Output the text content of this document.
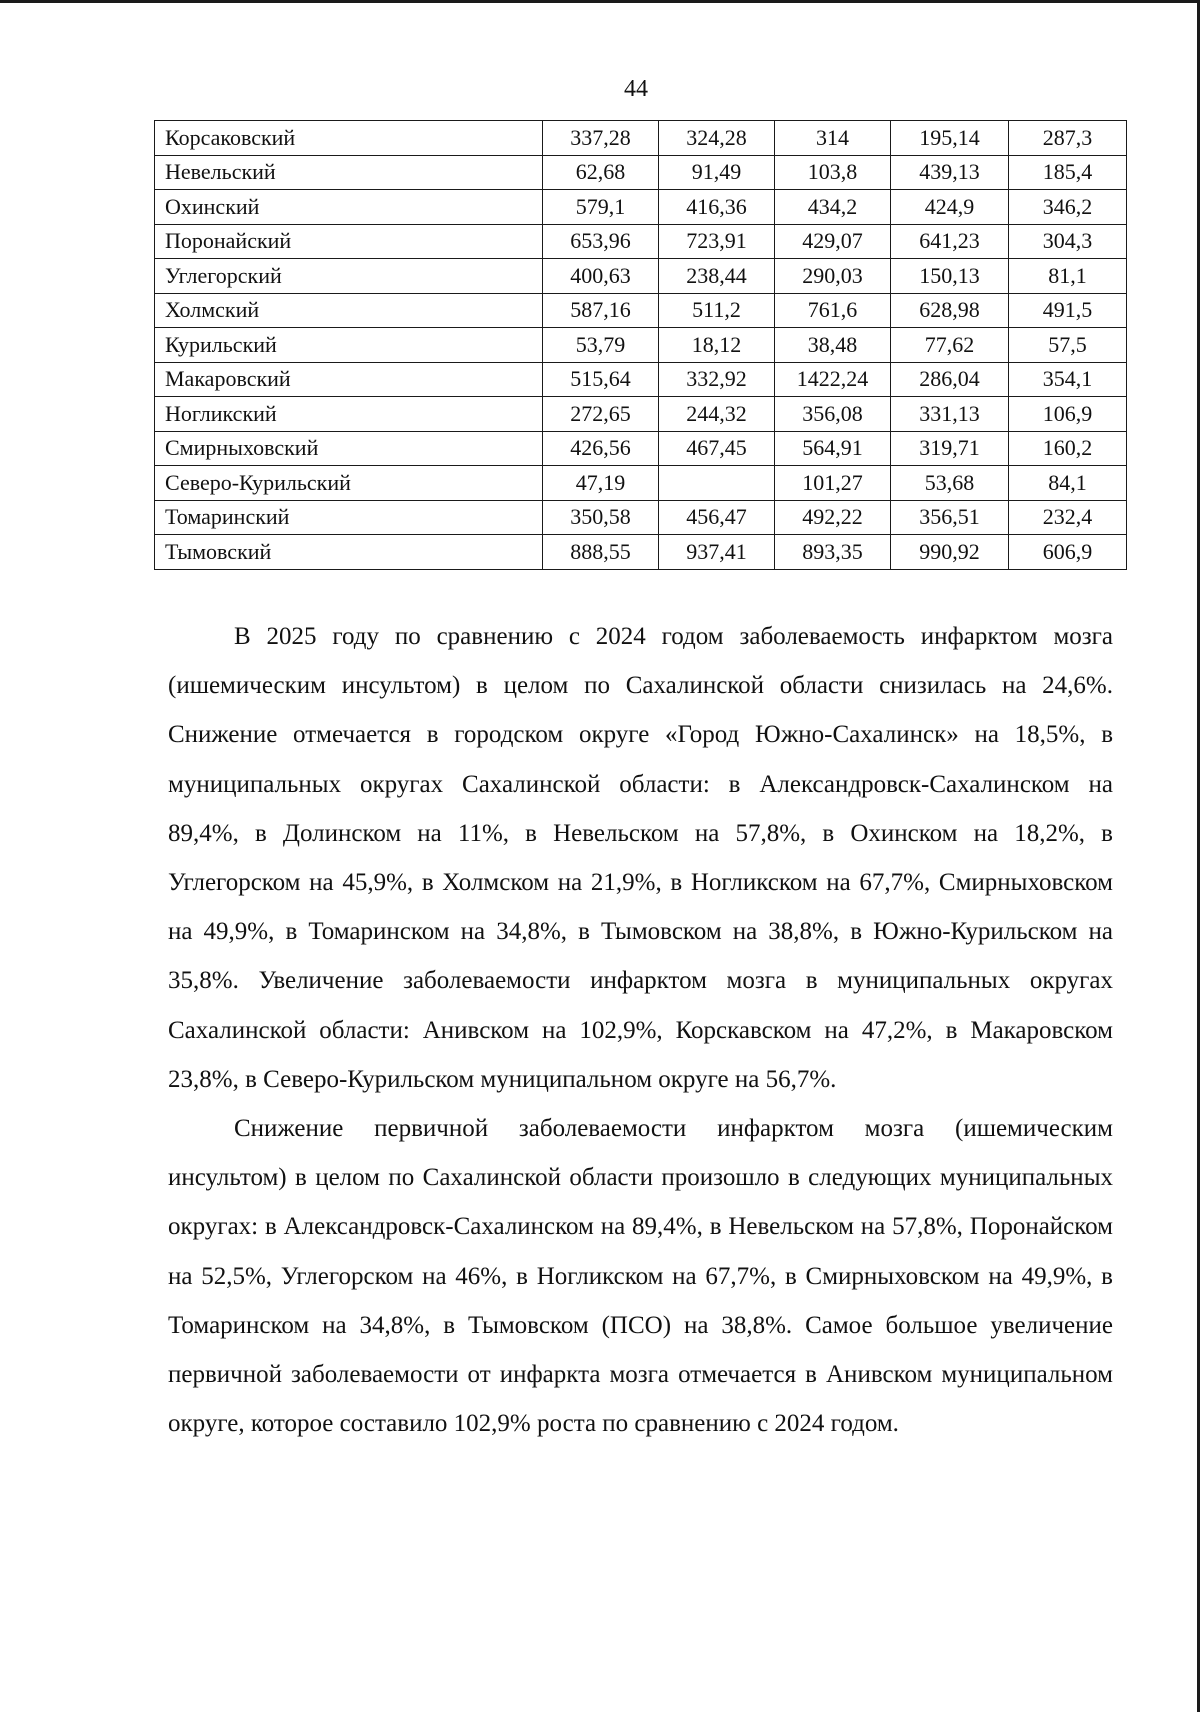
44
Корсаковский	337,28	324,28	314	195,14	287,3
Невельский	62,68	91,49	103,8	439,13	185,4
Охинский	579,1	416,36	434,2	424,9	346,2
Поронайский	653,96	723,91	429,07	641,23	304,3
Углегорский	400,63	238,44	290,03	150,13	81,1
Холмский	587,16	511,2	761,6	628,98	491,5
Курильский	53,79	18,12	38,48	77,62	57,5
Макаровский	515,64	332,92	1422,24	286,04	354,1
Ногликский	272,65	244,32	356,08	331,13	106,9
Смирныховский	426,56	467,45	564,91	319,71	160,2
Северо-Курильский	47,19		101,27	53,68	84,1
Томаринский	350,58	456,47	492,22	356,51	232,4
Тымовский	888,55	937,41	893,35	990,92	606,9

В 2025 году по сравнению с 2024 годом заболеваемость инфарктом мозга (ишемическим инсультом) в целом по Сахалинской области снизилась на 24,6%. Снижение отмечается в городском округе «Город Южно-Сахалинск» на 18,5%, в муниципальных округах Сахалинской области: в Александровск-Сахалинском на 89,4%, в Долинском на 11%, в Невельском на 57,8%, в Охинском на 18,2%, в Углегорском на 45,9%, в Холмском на 21,9%, в Ногликском на 67,7%, Смирныховском на 49,9%, в Томаринском на 34,8%, в Тымовском на 38,8%, в Южно-Курильском на 35,8%. Увеличение заболеваемости инфарктом мозга в муниципальных округах Сахалинской области: Анивском на 102,9%, Корскавском на 47,2%, в Макаровском 23,8%, в Северо-Курильском муниципальном округе на 56,7%.

Снижение первичной заболеваемости инфарктом мозга (ишемическим инсультом) в целом по Сахалинской области произошло в следующих муниципальных округах: в Александровск-Сахалинском на 89,4%, в Невельском на 57,8%, Поронайском на 52,5%, Углегорском на 46%, в Ногликском на 67,7%, в Смирныховском на 49,9%, в Томаринском на 34,8%, в Тымовском (ПСО) на 38,8%. Самое большое увеличение первичной заболеваемости от инфаркта мозга отмечается в Анивском муниципальном округе, которое составило 102,9% роста по сравнению с 2024 годом.
